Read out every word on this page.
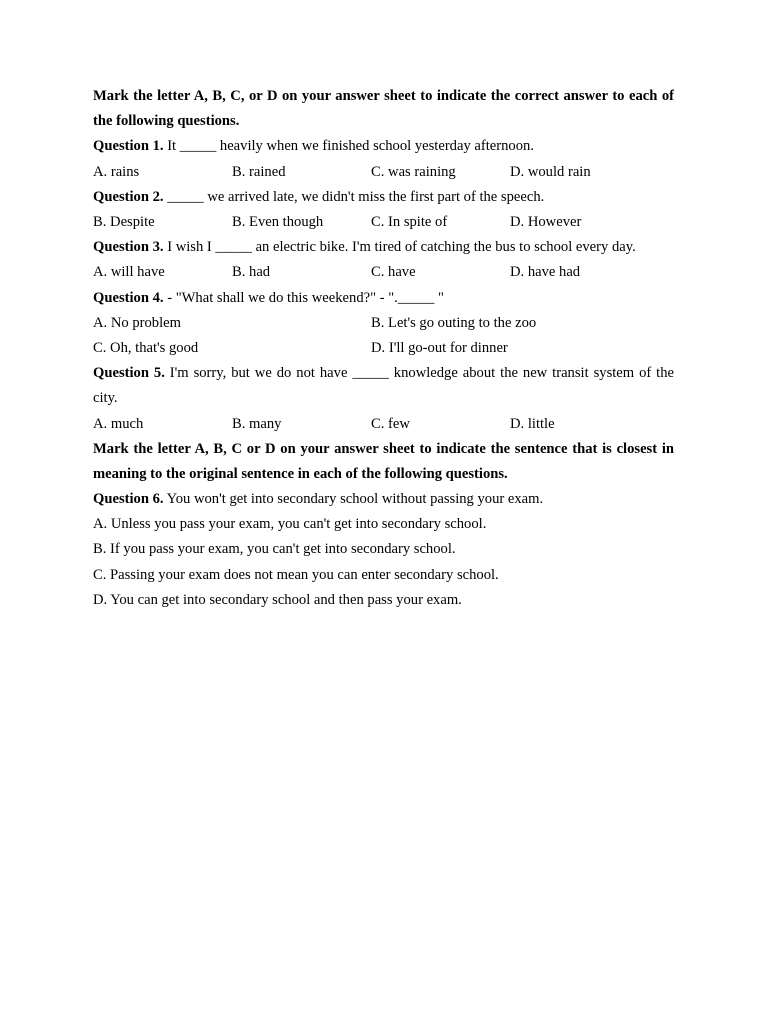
Mark the letter A, B, C, or D on your answer sheet to indicate the correct answer to each of the following questions.
Question 1. It _____ heavily when we finished school yesterday afternoon.
A. rains	B. rained	C. was raining	D. would rain
Question 2. _____ we arrived late, we didn't miss the first part of the speech.
B. Despite	B. Even though	C. In spite of	D. However
Question 3. I wish I _____ an electric bike. I'm tired of catching the bus to school every day.
A. will have	B. had	C. have	D. have had
Question 4. - "What shall we do this weekend?" - "._____ "
A. No problem	B. Let's go outing to the zoo
C. Oh, that's good	D. I'll go-out for dinner
Question 5. I'm sorry, but we do not have _____ knowledge about the new transit system of the city.
A. much	B. many	C. few	D. little
Mark the letter A, B, C or D on your answer sheet to indicate the sentence that is closest in meaning to the original sentence in each of the following questions.
Question 6. You won't get into secondary school without passing your exam.
A. Unless you pass your exam, you can't get into secondary school.
B. If you pass your exam, you can't get into secondary school.
C. Passing your exam does not mean you can enter secondary school.
D. You can get into secondary school and then pass your exam.
